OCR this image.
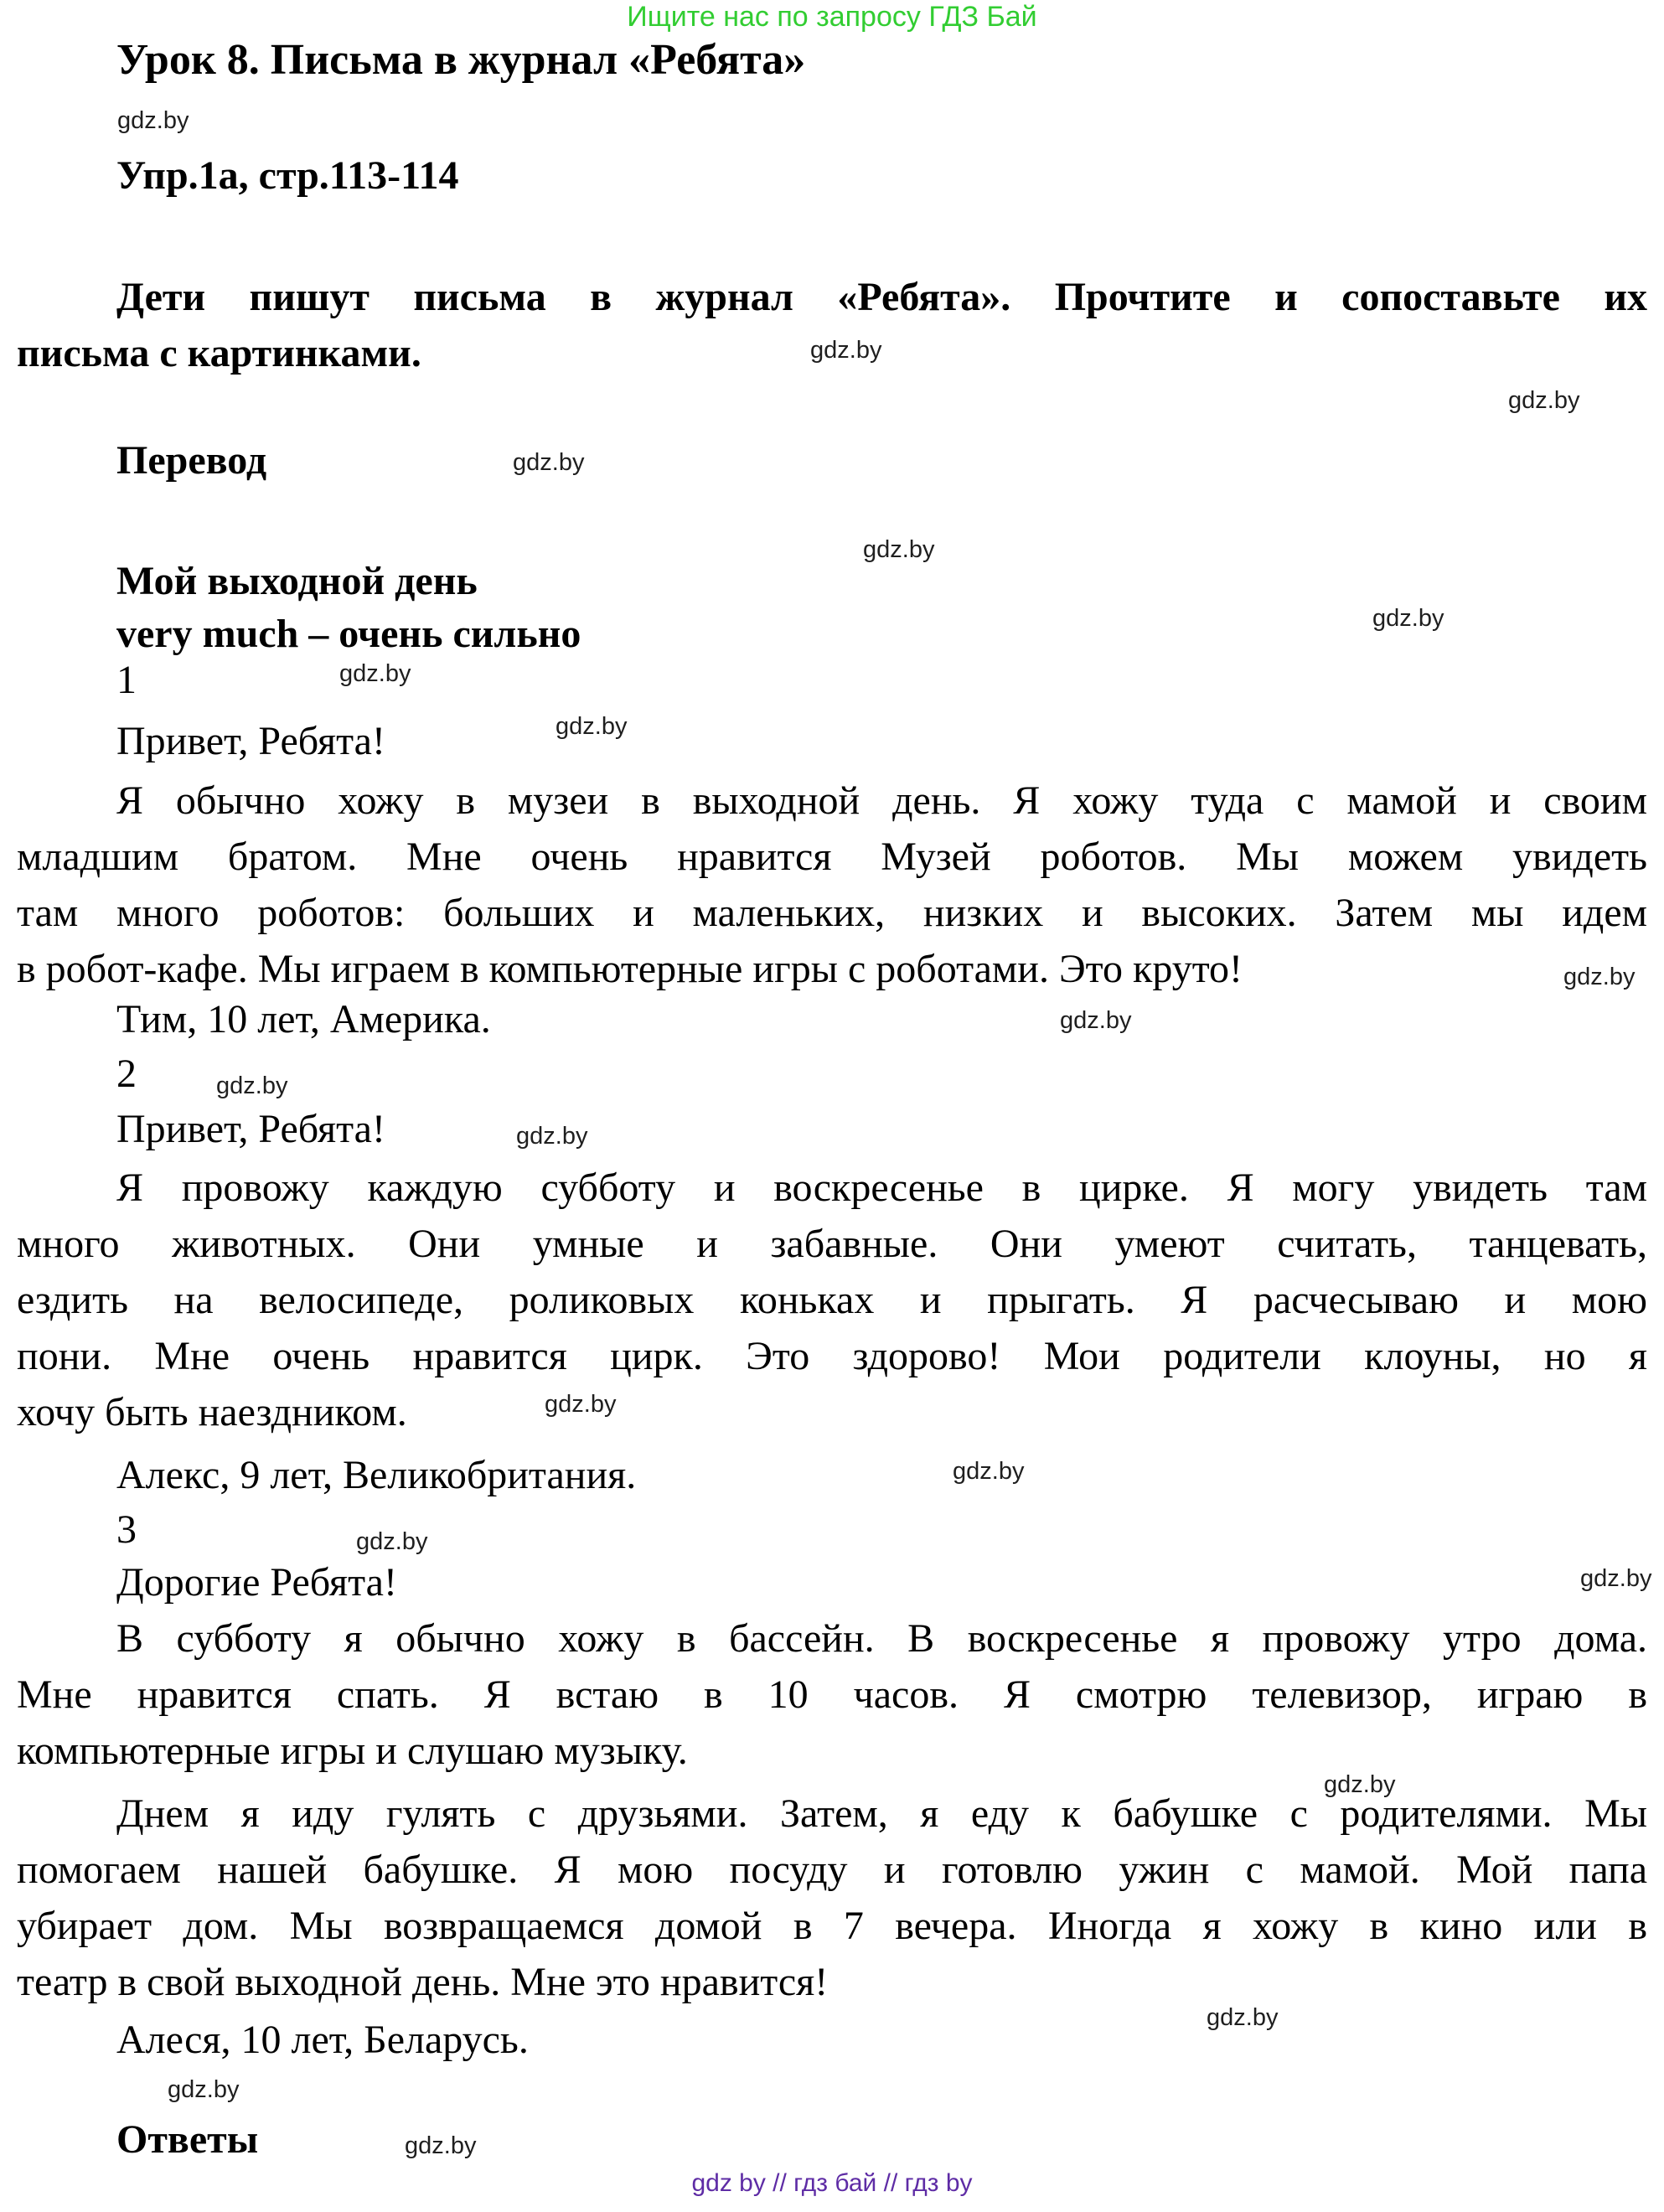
Ищите нас по запросу ГДЗ Бай
Урок 8. Письма в журнал «Ребята»
gdz.by
Упр.1а, стр.113-114
Дети пишут письма в журнал «Ребята». Прочтите и сопоставьте их
письма с картинками.	gdz.by
gdz.by
Перевод	gdz.by
gdz.by
Мой выходной день
gdz.by
very much – очень сильно
1	gdz.by
gdz.by
Привет, Ребята!
Я обычно хожу в музеи в выходной день. Я хожу туда с мамой и своим
младшим братом. Мне очень нравится Музей роботов. Мы можем увидеть
там много роботов: больших и маленьких, низких и высоких. Затем мы идем
в робот-кафе. Мы играем в компьютерные игры с роботами. Это круто!	gdz.by
Тим, 10 лет, Америка.	gdz.by
2	gdz.by
Привет, Ребята!	gdz.by
Я провожу каждую субботу и воскресенье в цирке. Я могу увидеть там
много животных. Они умные и забавные. Они умеют считать, танцевать,
ездить на велосипеде, роликовых коньках и прыгать. Я расчесываю и мою
пони. Мне очень нравится цирк. Это здорово! Мои родители клоуны, но я
хочу быть наездником.	gdz.by
Алекс, 9 лет, Великобритания.	gdz.by
3	gdz.by
Дорогие Ребята!	gdz.by
В субботу я обычно хожу в бассейн. В воскресенье я провожу утро дома.
Мне нравится спать. Я встаю в 10 часов. Я смотрю телевизор, играю в
компьютерные игры и слушаю музыку.
gdz.by
Днем я иду гулять с друзьями. Затем, я еду к бабушке с родителями. Мы
помогаем нашей бабушке. Я мою посуду и готовлю ужин с мамой. Мой папа
убирает дом. Мы возвращаемся домой в 7 вечера. Иногда я хожу в кино или в
театр в свой выходной день. Мне это нравится!
gdz.by
Алеся, 10 лет, Беларусь.
gdz.by
Ответы	gdz.by
gdz by // гдз бай // гдз by
